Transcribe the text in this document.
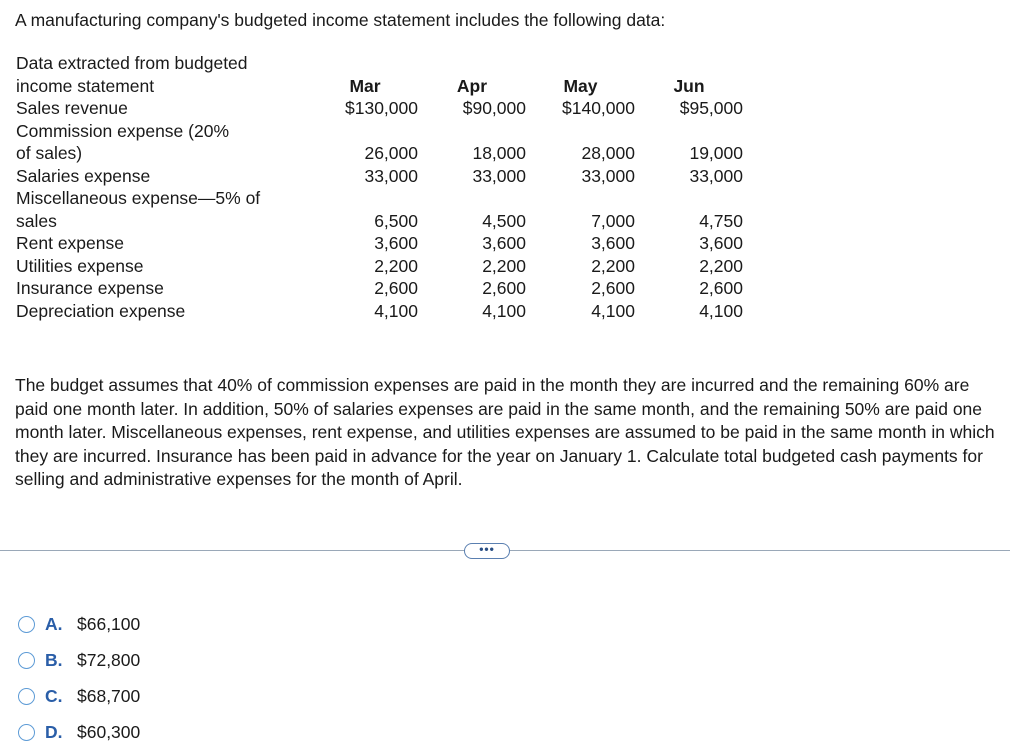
A manufacturing company's budgeted income statement includes the following data:
Data extracted from budgeted
income statement	Mar	Apr	May	Jun

Sales revenue	$130,000	$90,000	$140,000	$95,000

Commission expense (20%
of sales)	26,000	18,000	28,000	19,000

Salaries expense	33,000	33,000	33,000	33,000

Miscellaneous expense—5% of
sales	6,500	4,500	7,000	4,750

Rent expense	3,600	3,600	3,600	3,600

Utilities expense	2,200	2,200	2,200	2,200

Insurance expense	2,600	2,600	2,600	2,600

Depreciation expense	4,100	4,100	4,100	4,100
The budget assumes that 40% of commission expenses are paid in the month they are incurred and the remaining 60% are paid one month later. In addition, 50% of salaries expenses are paid in the same month, and the remaining 50% are paid one month later. Miscellaneous expenses, rent expense, and utilities expenses are assumed to be paid in the same month in which they are incurred. Insurance has been paid in advance for the year on January 1. Calculate total budgeted cash payments for selling and administrative expenses for the month of April.
•••
A. $66,100
B. $72,800
C. $68,700
D. $60,300
